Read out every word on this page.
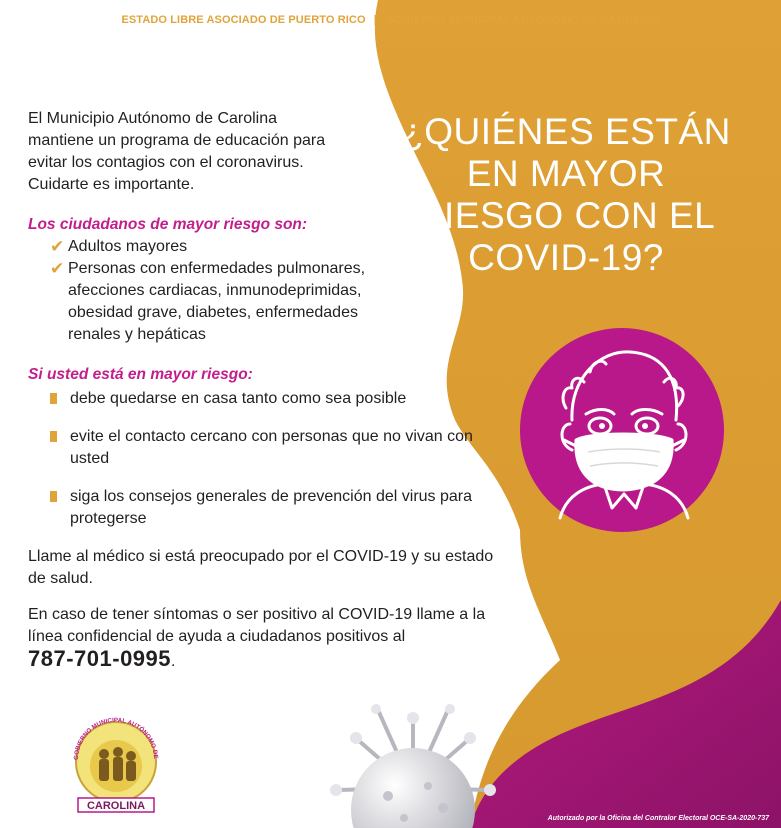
ESTADO LIBRE ASOCIADO DE PUERTO RICO | GOBIERNO MUNICIPAL AUTÓNOMO DE CAROLINA
¿QUIÉNES ESTÁN
EN MAYOR
RIESGO CON EL
COVID-19?

El Municipio Autónomo de Carolina
mantiene un programa de educación para
evitar los contagios con el coronavirus.
Cuidarte es importante.

Los ciudadanos de mayor riesgo son:

✔ Adultos mayores
✔ Personas con enfermedades pulmonares, afecciones cardiacas, inmunodeprimidas, obesidad grave, diabetes, enfermedades renales y hepáticas

Si usted está en mayor riesgo:

debe quedarse en casa tanto como sea posible
evite el contacto cercano con personas que no vivan con usted
siga los consejos generales de prevención del virus para protegerse

Llame al médico si está preocupado por el COVID-19 y su estado de salud.

En caso de tener síntomas o ser positivo al COVID-19 llame a la línea confidencial de ayuda a ciudadanos positivos al
787-701-0995.

GOBIERNO MUNICIPAL AUTÓNOMO DE
CAROLINA
Autorizado por la Oficina del Contralor Electoral OCE-SA-2020-737
